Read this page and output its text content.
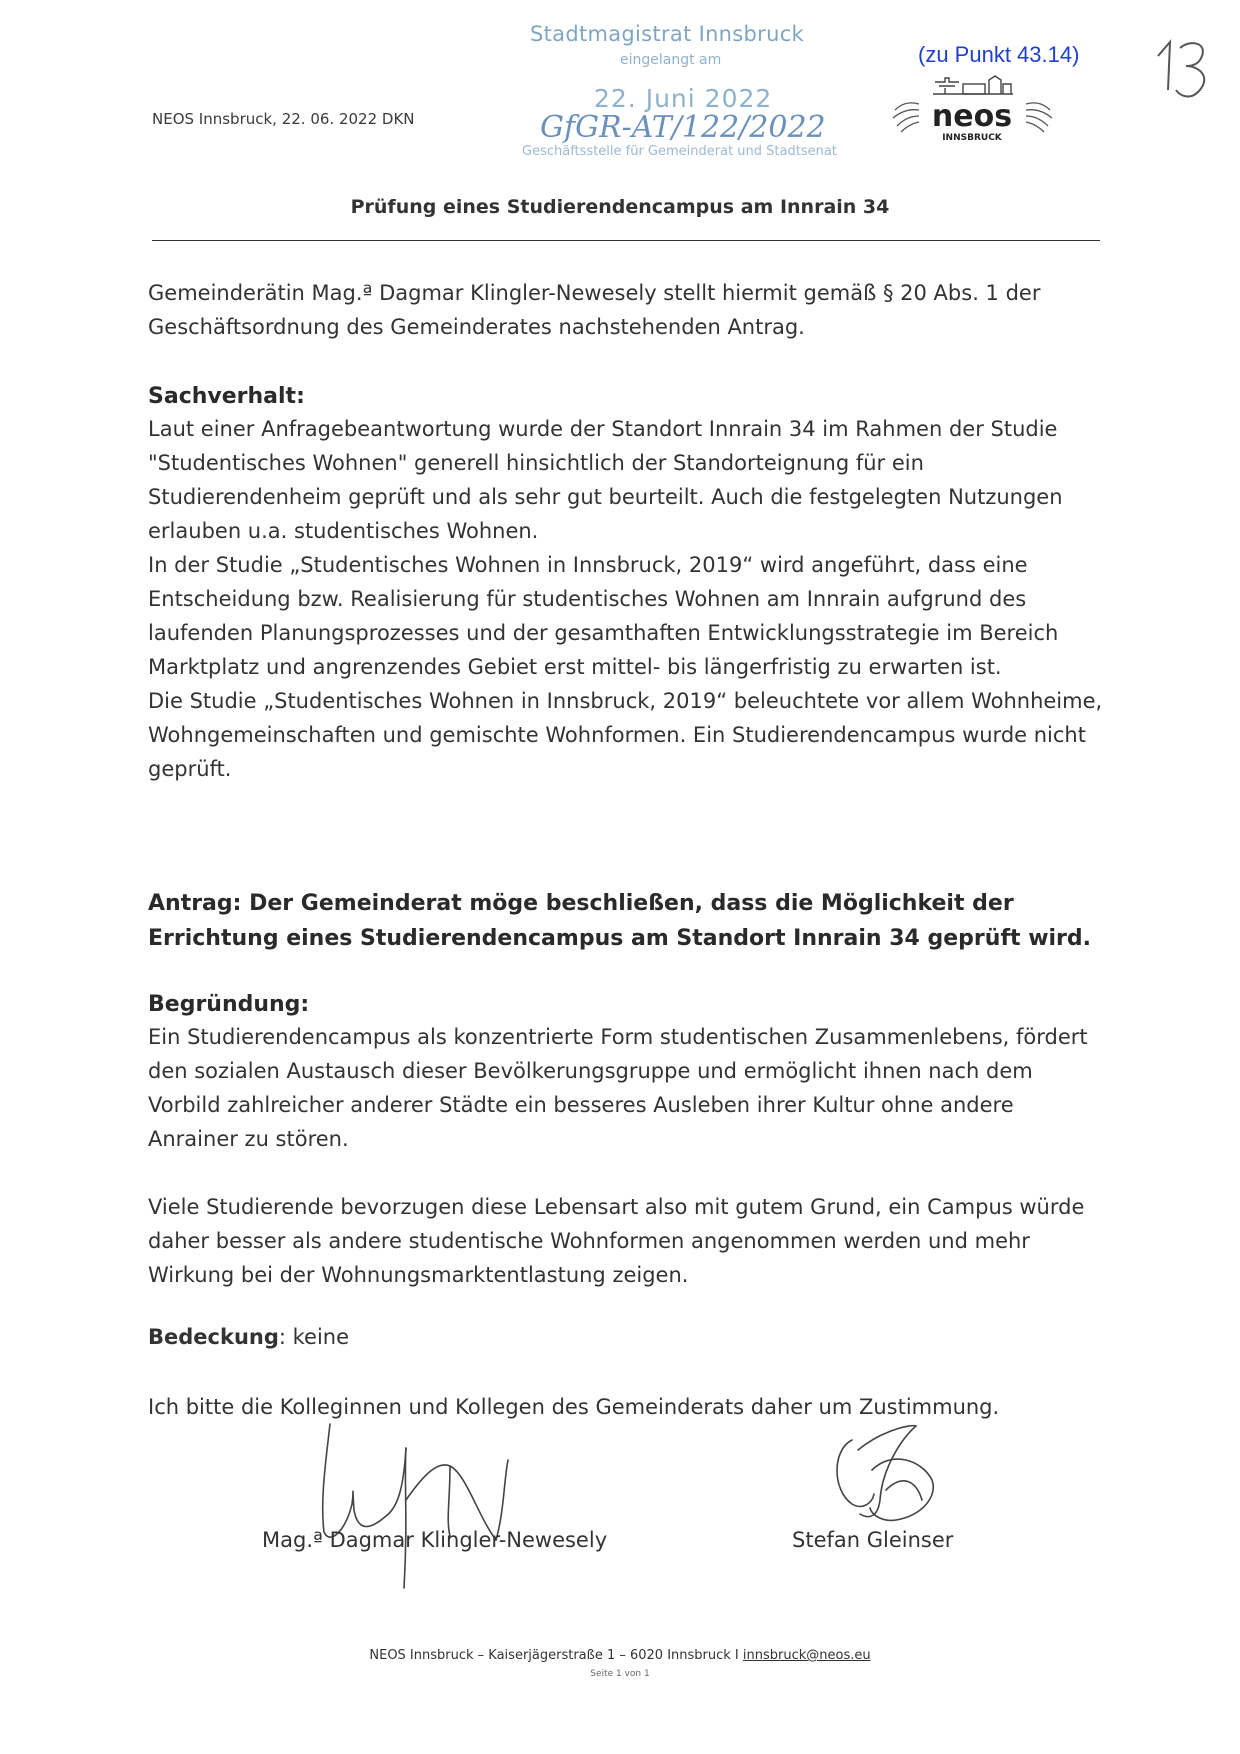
NEOS Innsbruck, 22. 06. 2022 DKN
Stadtmagistrat Innsbruck
eingelangt am
22. Juni 2022
GfGR-AT/122/2022
Geschäftsstelle für Gemeinderat und Stadtsenat
(zu Punkt 43.14)
neos
INNSBRUCK
Prüfung eines Studierendencampus am Innrain 34
Gemeinderätin Mag.ª Dagmar Klingler-Newesely stellt hiermit gemäß § 20 Abs. 1 der Geschäftsordnung des Gemeinderates nachstehenden Antrag.
Sachverhalt:
Laut einer Anfragebeantwortung wurde der Standort Innrain 34 im Rahmen der Studie "Studentisches Wohnen" generell hinsichtlich der Standorteignung für ein Studierendenheim geprüft und als sehr gut beurteilt. Auch die festgelegten Nutzungen erlauben u.a. studentisches Wohnen.
In der Studie „Studentisches Wohnen in Innsbruck, 2019“ wird angeführt, dass eine Entscheidung bzw. Realisierung für studentisches Wohnen am Innrain aufgrund des laufenden Planungsprozesses und der gesamthaften Entwicklungsstrategie im Bereich Marktplatz und angrenzendes Gebiet erst mittel- bis längerfristig zu erwarten ist.
Die Studie „Studentisches Wohnen in Innsbruck, 2019“ beleuchtete vor allem Wohnheime, Wohngemeinschaften und gemischte Wohnformen. Ein Studierendencampus wurde nicht geprüft.
Antrag: Der Gemeinderat möge beschließen, dass die Möglichkeit der Errichtung eines Studierendencampus am Standort Innrain 34 geprüft wird.
Begründung:
Ein Studierendencampus als konzentrierte Form studentischen Zusammenlebens, fördert den sozialen Austausch dieser Bevölkerungsgruppe und ermöglicht ihnen nach dem Vorbild zahlreicher anderer Städte ein besseres Ausleben ihrer Kultur ohne andere Anrainer zu stören.
Viele Studierende bevorzugen diese Lebensart also mit gutem Grund, ein Campus würde daher besser als andere studentische Wohnformen angenommen werden und mehr Wirkung bei der Wohnungsmarktentlastung zeigen.
Bedeckung: keine
Ich bitte die Kolleginnen und Kollegen des Gemeinderats daher um Zustimmung.
Mag.ª Dagmar Klingler-Newesely	Stefan Gleinser
NEOS Innsbruck – Kaiserjägerstraße 1 – 6020 Innsbruck I innsbruck@neos.eu
Seite 1 von 1
